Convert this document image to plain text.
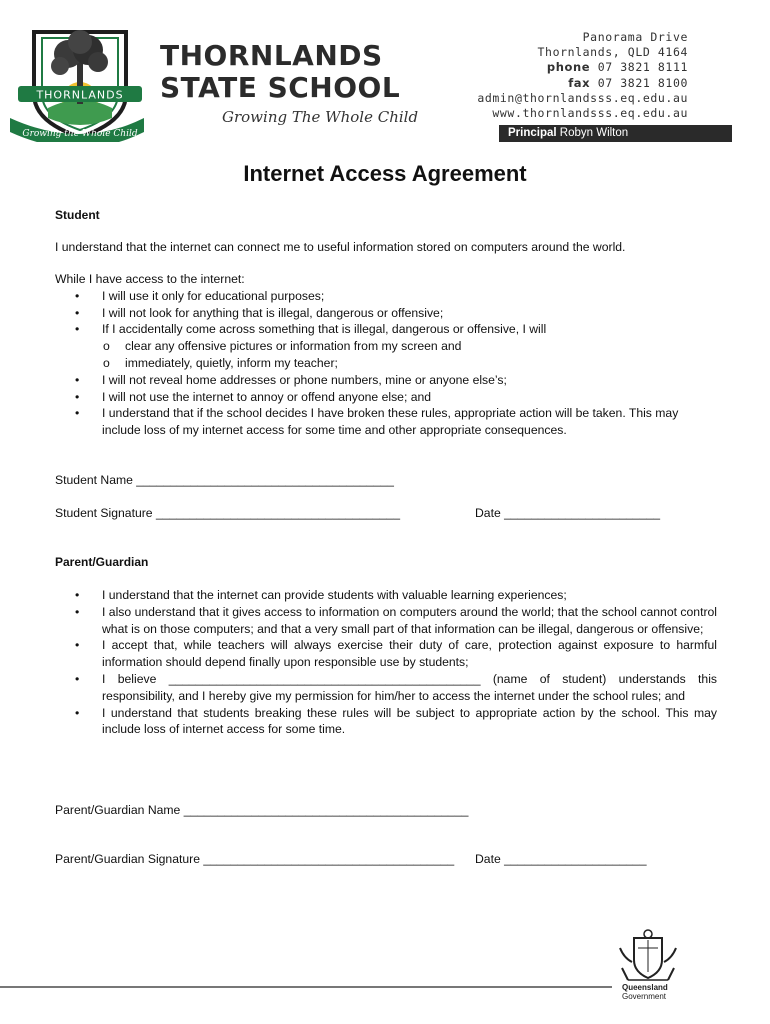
THORNLANDS
Growing the Whole Child
THORNLANDS
STATE SCHOOL
Growing The Whole Child
Panorama Drive
Thornlands, QLD 4164
phone 07 3821 8111
fax 07 3821 8100
admin@thornlandsss.eq.edu.au
www.thornlandsss.eq.edu.au
Principal Robyn Wilton
Internet Access Agreement
Student
I understand that the internet can connect me to useful information stored on computers around the world.
While I have access to the internet:
• I will use it only for educational purposes;
• I will not look for anything that is illegal, dangerous or offensive;
• If I accidentally come across something that is illegal, dangerous or offensive, I will
o clear any offensive pictures or information from my screen and
o immediately, quietly, inform my teacher;
• I will not reveal home addresses or phone numbers, mine or anyone else’s;
• I will not use the internet to annoy or offend anyone else; and
• I understand that if the school decides I have broken these rules, appropriate action will be taken. This may include loss of my internet access for some time and other appropriate consequences.
Student Name ______________________________________
Student Signature ____________________________________	Date _______________________
Parent/Guardian
• I understand that the internet can provide students with valuable learning experiences;
• I also understand that it gives access to information on computers around the world; that the school cannot control what is on those computers; and that a very small part of that information can be illegal, dangerous or offensive;
• I accept that, while teachers will always exercise their duty of care, protection against exposure to harmful information should depend finally upon responsible use by students;
• I believe ______________________________________________ (name of student) understands this responsibility, and I hereby give my permission for him/her to access the internet under the school rules; and
• I understand that students breaking these rules will be subject to appropriate action by the school. This may include loss of internet access for some time.
Parent/Guardian Name __________________________________________
Parent/Guardian Signature _____________________________________	Date _____________________
Queensland
Government
